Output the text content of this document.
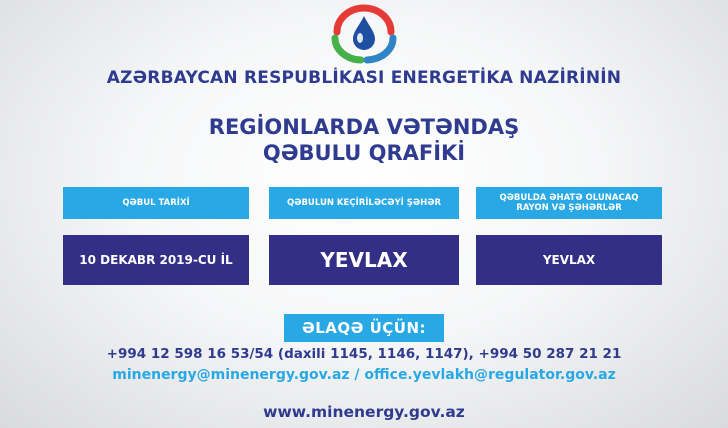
AZƏRBAYCAN RESPUBLİKASI ENERGETİKA NAZİRİNİN
REGİONLARDA VƏTƏNDAŞ
QƏBULU QRAFİKİ
QƏBUL TARİXİ	QƏBULUN KEÇİRİLƏCƏYİ ŞƏHƏR	QƏBULDA ƏHATƏ OLUNACAQ RAYON VƏ ŞƏHƏRLƏR
10 DEKABR 2019-CU İL	YEVLAX	YEVLAX
ƏLAQƏ ÜÇÜN:
+994 12 598 16 53/54 (daxili 1145, 1146, 1147), +994 50 287 21 21
minenergy@minenergy.gov.az / office.yevlakh@regulator.gov.az
www.minenergy.gov.az
